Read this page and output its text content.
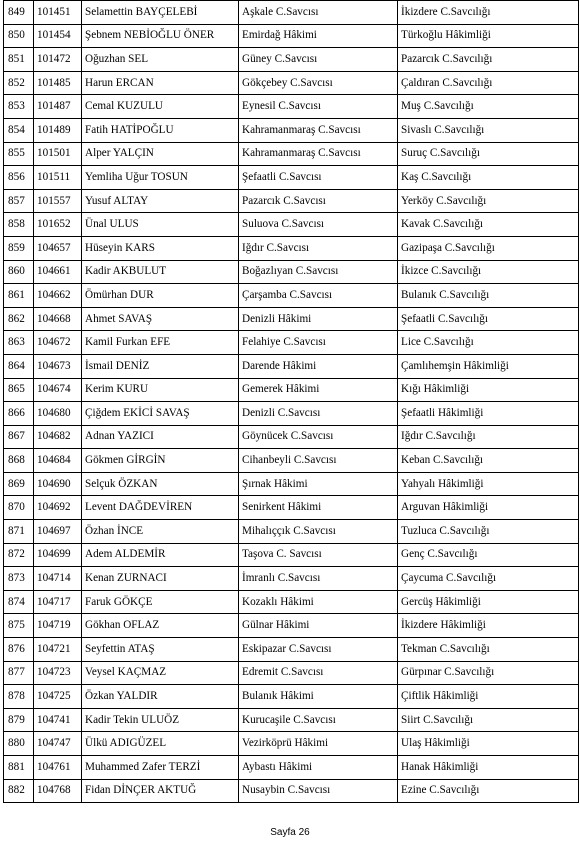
849	101451	Selamettin BAYÇELEBİ	Aşkale C.Savcısı	İkizdere C.Savcılığı
850	101454	Şebnem NEBİOĞLU ÖNER	Emirdağ Hâkimi	Türkoğlu Hâkimliği
851	101472	Oğuzhan SEL	Güney C.Savcısı	Pazarcık C.Savcılığı
852	101485	Harun ERCAN	Gökçebey C.Savcısı	Çaldıran C.Savcılığı
853	101487	Cemal KUZULU	Eynesil C.Savcısı	Muş C.Savcılığı
854	101489	Fatih HATİPOĞLU	Kahramanmaraş C.Savcısı	Sivaslı C.Savcılığı
855	101501	Alper YALÇIN	Kahramanmaraş C.Savcısı	Suruç C.Savcılığı
856	101511	Yemliha Uğur TOSUN	Şefaatli C.Savcısı	Kaş C.Savcılığı
857	101557	Yusuf ALTAY	Pazarcık C.Savcısı	Yerköy C.Savcılığı
858	101652	Ünal ULUS	Suluova C.Savcısı	Kavak C.Savcılığı
859	104657	Hüseyin KARS	Iğdır C.Savcısı	Gazipaşa C.Savcılığı
860	104661	Kadir AKBULUT	Boğazlıyan C.Savcısı	İkizce C.Savcılığı
861	104662	Ömürhan DUR	Çarşamba C.Savcısı	Bulanık C.Savcılığı
862	104668	Ahmet SAVAŞ	Denizli Hâkimi	Şefaatli C.Savcılığı
863	104672	Kamil Furkan EFE	Felahiye C.Savcısı	Lice C.Savcılığı
864	104673	İsmail DENİZ	Darende Hâkimi	Çamlıhemşin Hâkimliği
865	104674	Kerim KURU	Gemerek Hâkimi	Kığı Hâkimliği
866	104680	Çiğdem EKİCİ SAVAŞ	Denizli C.Savcısı	Şefaatli Hâkimliği
867	104682	Adnan YAZICI	Göynücek C.Savcısı	Iğdır C.Savcılığı
868	104684	Gökmen GİRGİN	Cihanbeyli C.Savcısı	Keban C.Savcılığı
869	104690	Selçuk ÖZKAN	Şırnak Hâkimi	Yahyalı Hâkimliği
870	104692	Levent DAĞDEVİREN	Senirkent Hâkimi	Arguvan Hâkimliği
871	104697	Özhan İNCE	Mihalıççık C.Savcısı	Tuzluca C.Savcılığı
872	104699	Adem ALDEMİR	Taşova C. Savcısı	Genç C.Savcılığı
873	104714	Kenan ZURNACI	İmranlı C.Savcısı	Çaycuma C.Savcılığı
874	104717	Faruk GÖKÇE	Kozaklı Hâkimi	Gercüş Hâkimliği
875	104719	Gökhan OFLAZ	Gülnar Hâkimi	İkizdere Hâkimliği
876	104721	Seyfettin ATAŞ	Eskipazar C.Savcısı	Tekman C.Savcılığı
877	104723	Veysel KAÇMAZ	Edremit C.Savcısı	Gürpınar C.Savcılığı
878	104725	Özkan YALDIR	Bulanık Hâkimi	Çiftlik Hâkimliği
879	104741	Kadir Tekin ULUÖZ	Kurucaşile C.Savcısı	Siirt C.Savcılığı
880	104747	Ülkü ADIGÜZEL	Vezirköprü Hâkimi	Ulaş Hâkimliği
881	104761	Muhammed Zafer TERZİ	Aybastı Hâkimi	Hanak Hâkimliği
882	104768	Fidan DİNÇER AKTUĞ	Nusaybin C.Savcısı	Ezine C.Savcılığı
Sayfa 26
